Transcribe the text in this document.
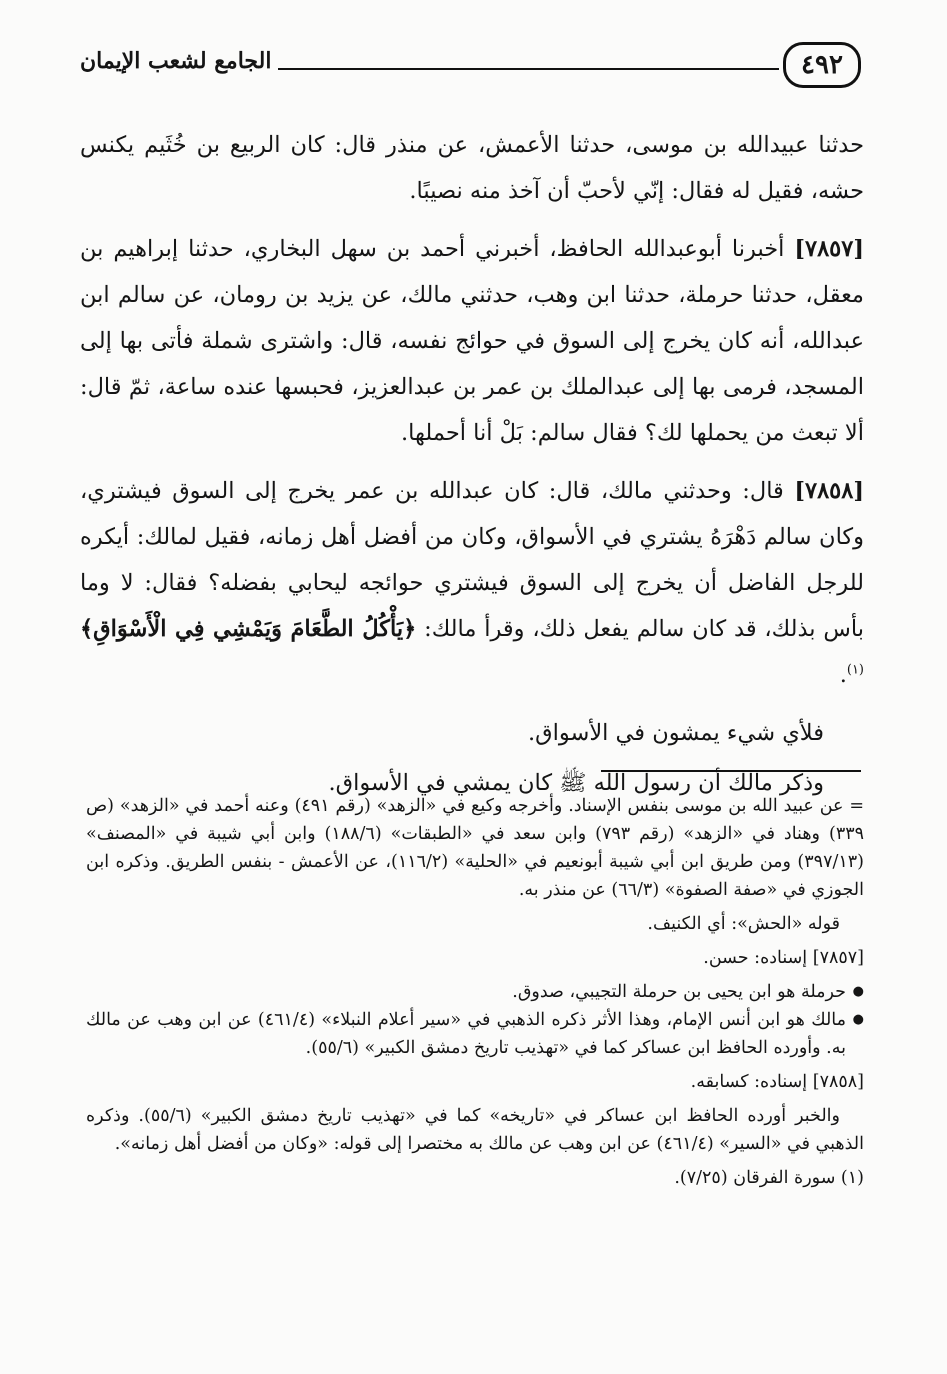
٤٩٢
الجامع لشعب الإيمان

حدثنا عبيدالله بن موسى، حدثنا الأعمش، عن منذر قال: كان الربيع بن خُثَيم يكنس حشه، فقيل له فقال: إنّي لأحبّ أن آخذ منه نصيبًا.

[٧٨٥٧] أخبرنا أبوعبدالله الحافظ، أخبرني أحمد بن سهل البخاري، حدثنا إبراهيم بن معقل، حدثنا حرملة، حدثنا ابن وهب، حدثني مالك، عن يزيد بن رومان، عن سالم ابن عبدالله، أنه كان يخرج إلى السوق في حوائج نفسه، قال: واشترى شملة فأتى بها إلى المسجد، فرمى بها إلى عبدالملك بن عمر بن عبدالعزيز، فحبسها عنده ساعة، ثمّ قال: ألا تبعث من يحملها لك؟ فقال سالم: بَلْ أنا أحملها.

[٧٨٥٨] قال: وحدثني مالك، قال: كان عبدالله بن عمر يخرج إلى السوق فيشتري، وكان سالم دَهْرَهُ يشتري في الأسواق، وكان من أفضل أهل زمانه، فقيل لمالك: أيكره للرجل الفاضل أن يخرج إلى السوق فيشتري حوائجه ليحابي بفضله؟ فقال: لا وما بأس بذلك، قد كان سالم يفعل ذلك، وقرأ مالك: ﴿يَأْكُلُ الطَّعَامَ وَيَمْشِي فِي الْأَسْوَاقِ﴾$^{(١)}$.

فلأي شيء يمشون في الأسواق.

وذكر مالك أن رسول الله ﷺ كان يمشي في الأسواق.

= عن عبيد الله بن موسى بنفس الإسناد. وأخرجه وكيع في «الزهد» (رقم ٤٩١) وعنه أحمد في «الزهد» (ص ٣٣٩) وهناد في «الزهد» (رقم ٧٩٣) وابن سعد في «الطبقات» (١٨٨/٦) وابن أبي شيبة في «المصنف» (٣٩٧/١٣) ومن طريق ابن أبي شيبة أبونعيم في «الحلية» (١١٦/٢)، عن الأعمش - بنفس الطريق. وذكره ابن الجوزي في «صفة الصفوة» (٦٦/٣) عن منذر به.

قوله «الحش»: أي الكنيف.

[٧٨٥٧] إسناده: حسن.

● حرملة هو ابن يحيى بن حرملة التجيبي، صدوق.
● مالك هو ابن أنس الإمام، وهذا الأثر ذكره الذهبي في «سير أعلام النبلاء» (٤٦١/٤) عن ابن وهب عن مالك به. وأورده الحافظ ابن عساكر كما في «تهذيب تاريخ دمشق الكبير» (٥٥/٦).

[٧٨٥٨] إسناده: كسابقه.

والخبر أورده الحافظ ابن عساكر في «تاريخه» كما في «تهذيب تاريخ دمشق الكبير» (٥٥/٦). وذكره الذهبي في «السير» (٤٦١/٤) عن ابن وهب عن مالك به مختصرا إلى قوله: «وكان من أفضل أهل زمانه».

(١) سورة الفرقان (٧/٢٥).
